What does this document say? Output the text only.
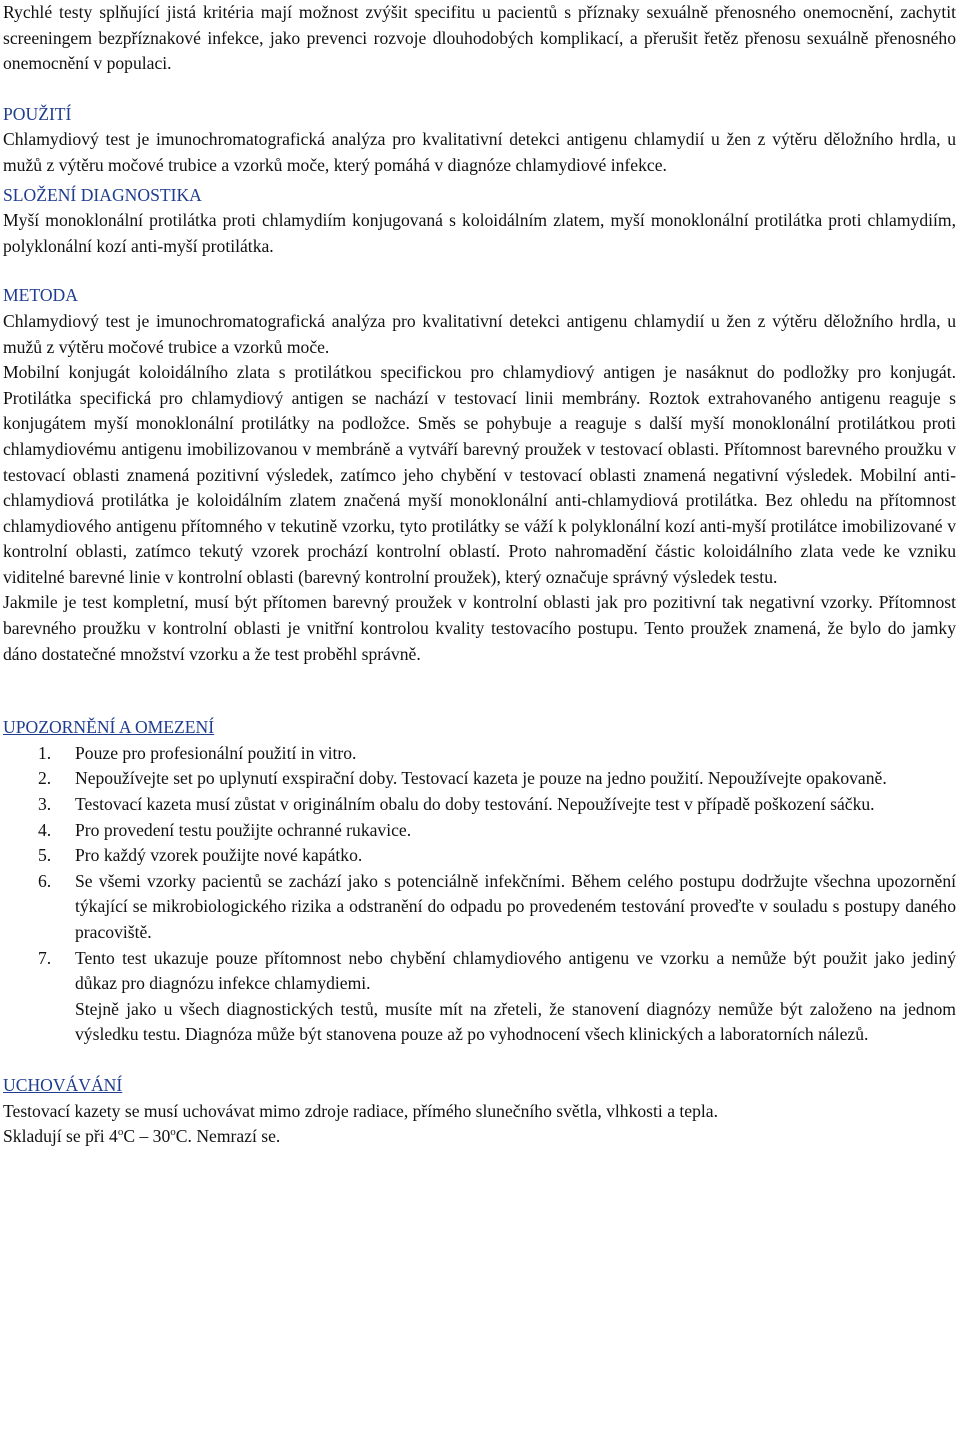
Rychlé testy splňující jistá kritéria mají možnost zvýšit specifitu u pacientů s příznaky sexuálně přenosného onemocnění, zachytit screeningem bezpříznakové infekce, jako prevenci rozvoje dlouhodobých komplikací, a přerušit řetěz přenosu sexuálně přenosného onemocnění v populaci.

POUŽITÍ

Chlamydiový test je imunochromatografická analýza pro kvalitativní detekci antigenu chlamydií u žen z výtěru děložního hrdla, u mužů z výtěru močové trubice a vzorků moče, který pomáhá v diagnóze chlamydiové infekce.

SLOŽENÍ DIAGNOSTIKA

Myší monoklonální protilátka proti chlamydiím konjugovaná s koloidálním zlatem, myší monoklonální protilátka proti chlamydiím, polyklonální kozí anti-myší protilátka.

METODA

Chlamydiový test je imunochromatografická analýza pro kvalitativní detekci antigenu chlamydií u žen z výtěru děložního hrdla, u mužů z výtěru močové trubice a vzorků moče.

Mobilní konjugát koloidálního zlata s protilátkou specifickou pro chlamydiový antigen je nasáknut do podložky pro konjugát. Protilátka specifická pro chlamydiový antigen se nachází v testovací linii membrány. Roztok extrahovaného antigenu reaguje s konjugátem myší monoklonální protilátky na podložce. Směs se pohybuje a reaguje s další myší monoklonální protilátkou proti chlamydiovému antigenu imobilizovanou v membráně a vytváří barevný proužek v testovací oblasti. Přítomnost barevného proužku v testovací oblasti znamená pozitivní výsledek, zatímco jeho chybění v testovací oblasti znamená negativní výsledek. Mobilní anti-chlamydiová protilátka je koloidálním zlatem značená myší monoklonální anti-chlamydiová protilátka. Bez ohledu na přítomnost chlamydiového antigenu přítomného v tekutině vzorku, tyto protilátky se váží k polyklonální kozí anti-myší protilátce imobilizované v kontrolní oblasti, zatímco tekutý vzorek prochází kontrolní oblastí. Proto nahromadění částic koloidálního zlata vede ke vzniku viditelné barevné linie v kontrolní oblasti (barevný kontrolní proužek), který označuje správný výsledek testu.

Jakmile je test kompletní, musí být přítomen barevný proužek v kontrolní oblasti jak pro pozitivní tak negativní vzorky. Přítomnost barevného proužku v kontrolní oblasti je vnitřní kontrolou kvality testovacího postupu. Tento proužek znamená, že bylo do jamky dáno dostatečné množství vzorku a že test proběhl správně.

UPOZORNĚNÍ A OMEZENÍ

1.	Pouze pro profesionální použití in vitro.
2.	Nepoužívejte set po uplynutí exspirační doby. Testovací kazeta je pouze na jedno použití. Nepoužívejte opakovaně.
3.	Testovací kazeta musí zůstat v originálním obalu do doby testování. Nepoužívejte test v případě poškození sáčku.
4.	Pro provedení testu použijte ochranné rukavice.
5.	Pro každý vzorek použijte nové kapátko.
6.	Se všemi vzorky pacientů se zachází jako s potenciálně infekčními. Během celého postupu dodržujte všechna upozornění týkající se mikrobiologického rizika a odstranění do odpadu po provedeném testování proveďte v souladu s postupy daného pracoviště.
7.	Tento test ukazuje pouze přítomnost nebo chybění chlamydiového antigenu ve vzorku a nemůže být použit jako jediný důkaz pro diagnózu infekce chlamydiemi.
Stejně jako u všech diagnostických testů, musíte mít na zřeteli, že stanovení diagnózy nemůže být založeno na jednom výsledku testu. Diagnóza může být stanovena pouze až po vyhodnocení všech klinických a laboratorních nálezů.

UCHOVÁVÁNÍ

Testovací kazety se musí uchovávat mimo zdroje radiace, přímého slunečního světla, vlhkosti a tepla.

Skladují se při 4$^o$C – 30$^o$C. Nemrazí se.
